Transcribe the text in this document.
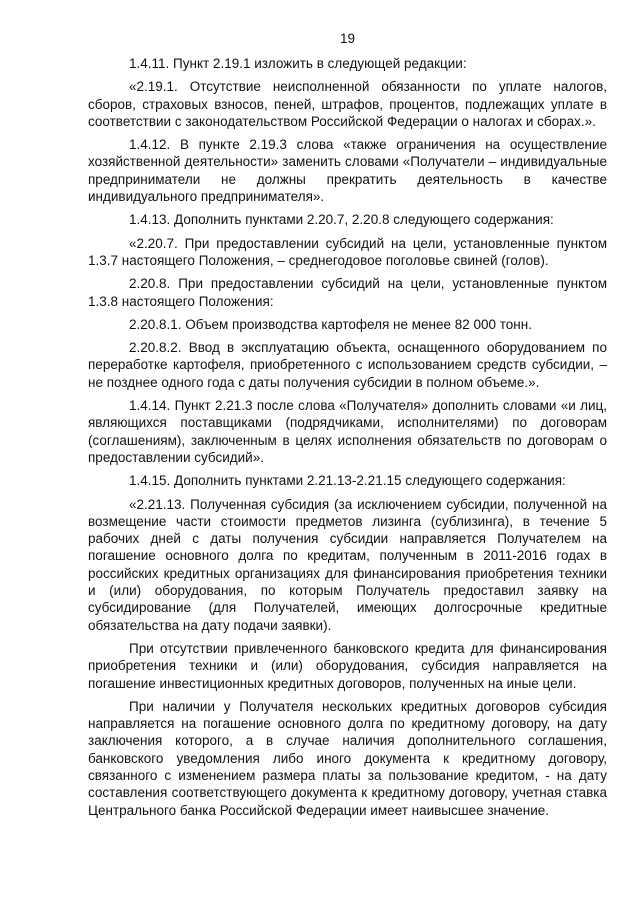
19

1.4.11. Пункт 2.19.1 изложить в следующей редакции:

«2.19.1. Отсутствие неисполненной обязанности по уплате налогов, сборов, страховых взносов, пеней, штрафов, процентов, подлежащих уплате в соответствии с законодательством Российской Федерации о налогах и сборах.».

1.4.12. В пункте 2.19.3 слова «также ограничения на осуществление хозяйственной деятельности» заменить словами «Получатели – индивидуальные предприниматели не должны прекратить деятельность в качестве индивидуального предпринимателя».

1.4.13. Дополнить пунктами 2.20.7, 2.20.8 следующего содержания:

«2.20.7. При предоставлении субсидий на цели, установленные пунктом 1.3.7 настоящего Положения, – среднегодовое поголовье свиней (голов).

2.20.8. При предоставлении субсидий на цели, установленные пунктом 1.3.8 настоящего Положения:

2.20.8.1. Объем производства картофеля не менее 82 000 тонн.

2.20.8.2. Ввод в эксплуатацию объекта, оснащенного оборудованием по переработке картофеля, приобретенного с использованием средств субсидии, – не позднее одного года с даты получения субсидии в полном объеме.».

1.4.14. Пункт 2.21.3 после слова «Получателя» дополнить словами «и лиц, являющихся поставщиками (подрядчиками, исполнителями) по договорам (соглашениям), заключенным в целях исполнения обязательств по договорам о предоставлении субсидий».

1.4.15. Дополнить пунктами 2.21.13-2.21.15 следующего содержания:

«2.21.13. Полученная субсидия (за исключением субсидии, полученной на возмещение части стоимости предметов лизинга (сублизинга), в течение 5 рабочих дней с даты получения субсидии направляется Получателем на погашение основного долга по кредитам, полученным в 2011-2016 годах в российских кредитных организациях для финансирования приобретения техники и (или) оборудования, по которым Получатель предоставил заявку на субсидирование (для Получателей, имеющих долгосрочные кредитные обязательства на дату подачи заявки).

При отсутствии привлеченного банковского кредита для финансирования приобретения техники и (или) оборудования, субсидия направляется на погашение инвестиционных кредитных договоров, полученных на иные цели.

При наличии у Получателя нескольких кредитных договоров субсидия направляется на погашение основного долга по кредитному договору, на дату заключения которого, а в случае наличия дополнительного соглашения, банковского уведомления либо иного документа к кредитному договору, связанного с изменением размера платы за пользование кредитом, - на дату составления соответствующего документа к кредитному договору, учетная ставка Центрального банка Российской Федерации имеет наивысшее значение.
